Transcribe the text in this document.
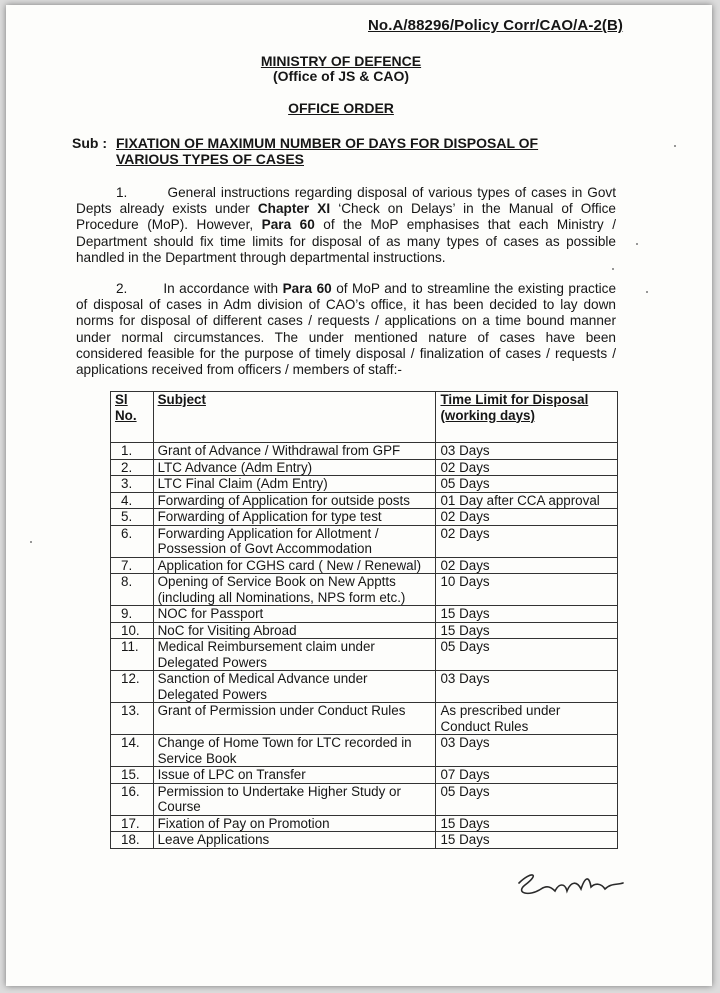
No.A/88296/Policy Corr/CAO/A-2(B)
MINISTRY OF DEFENCE
(Office of JS & CAO)
OFFICE ORDER
Sub : FIXATION OF MAXIMUM NUMBER OF DAYS FOR DISPOSAL OF VARIOUS TYPES OF CASES
1.	General instructions regarding disposal of various types of cases in Govt Depts already exists under Chapter XI ‘Check on Delays’ in the Manual of Office Procedure (MoP). However, Para 60 of the MoP emphasises that each Ministry / Department should fix time limits for disposal of as many types of cases as possible handled in the Department through departmental instructions.
2.	In accordance with Para 60 of MoP and to streamline the existing practice of disposal of cases in Adm division of CAO’s office, it has been decided to lay down norms for disposal of different cases / requests / applications on a time bound manner under normal circumstances. The under mentioned nature of cases have been considered feasible for the purpose of timely disposal / finalization of cases / requests / applications received from officers / members of staff:-
Sl No.	Subject	Time Limit for Disposal (working days)
1.	Grant of Advance / Withdrawal from GPF	03 Days
2.	LTC Advance (Adm Entry)	02 Days
3.	LTC Final Claim (Adm Entry)	05 Days
4.	Forwarding of Application for outside posts	01 Day after CCA approval
5.	Forwarding of Application for type test	02 Days
6.	Forwarding Application for Allotment / Possession of Govt Accommodation	02 Days
7.	Application for CGHS card ( New / Renewal)	02 Days
8.	Opening of Service Book on New Apptts (including all Nominations, NPS form etc.)	10 Days
9.	NOC for Passport	15 Days
10.	NoC for Visiting Abroad	15 Days
11.	Medical Reimbursement claim under Delegated Powers	05 Days
12.	Sanction of Medical Advance under Delegated Powers	03 Days
13.	Grant of Permission under Conduct Rules	As prescribed under Conduct Rules
14.	Change of Home Town for LTC recorded in Service Book	03 Days
15.	Issue of LPC on Transfer	07 Days
16.	Permission to Undertake Higher Study or Course	05 Days
17.	Fixation of Pay on Promotion	15 Days
18.	Leave Applications	15 Days
